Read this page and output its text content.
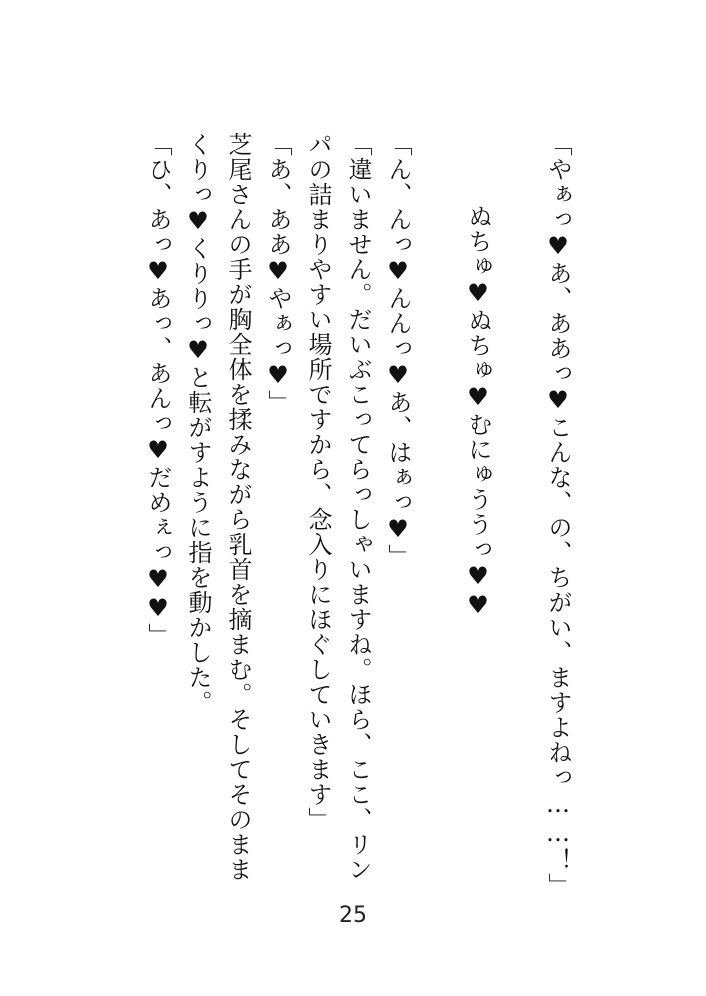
「やぁっ♥あ、ああっ♥こんな、の、ちがい、ますよねっ……！」

ぬちゅ♥ぬちゅ♥むにゅううっ♥♥

「ん、んっ♥んんっ♥あ、はぁっ♥」

「違いません。だいぶこってらっしゃいますね。ほら、ここ、リンパの詰まりやすい場所ですから、念入りにほぐしていきます」

「あ、ああ♥やぁっ♥」

芝尾さんの手が胸全体を揉みながら乳首を摘まむ。そしてそのままくりっ♥くりりっ♥と転がすように指を動かした。

「ひ、あっ♥あっ、あんっ♥だめぇっ♥♥」

25
